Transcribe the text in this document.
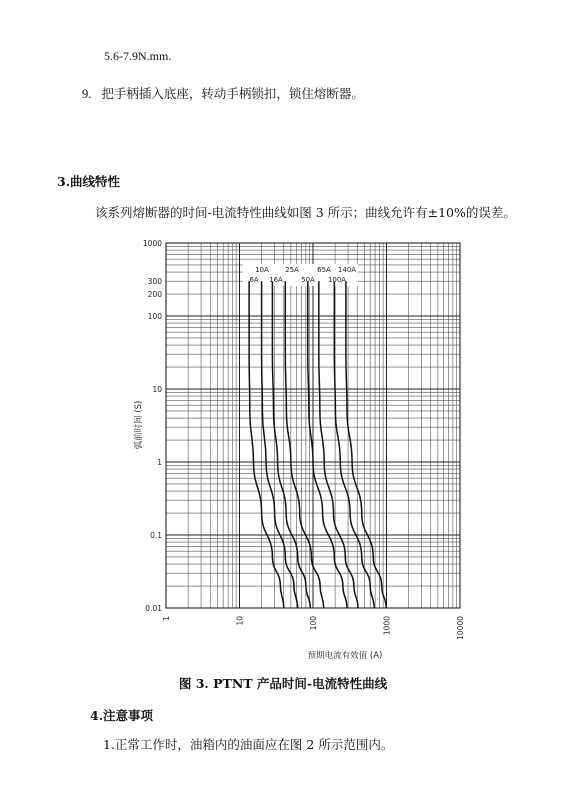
5.6-7.9N.mm.
9. 把手柄插入底座，转动手柄锁扣，锁住熔断器。
3.曲线特性
该系列熔断器的时间-电流特性曲线如图 3 所示；曲线允许有±10%的误差。
1000
300
200
100
10
1
0.1
0.01
1	10	100	1000	10000
10A 25A	65A 140A
6A 16A	50A 100A
预期电流有效值 (A)
弧前时间 (S)
图 3. PTNT 产品时间-电流特性曲线
4.注意事项
1.正常工作时，油箱内的油面应在图 2 所示范围内。
